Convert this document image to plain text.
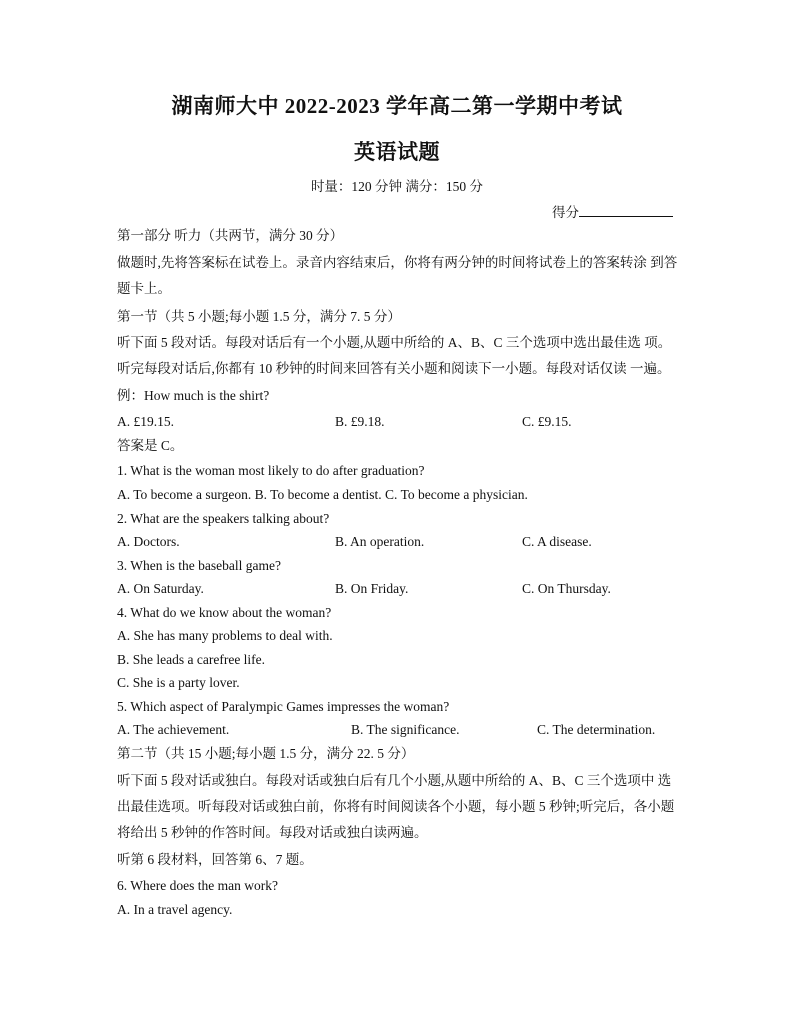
湖南师大中 2022-2023 学年高二第一学期中考试
英语试题
时量：120 分钟 满分：150 分
得分
第一部分 听力（共两节，满分 30 分）
做题时,先将答案标在试卷上。录音内容结束后，你将有两分钟的时间将试卷上的答案转涂 到答
题卡上。
第一节（共 5 小题;每小题 1.5 分，满分 7. 5 分）
听下面 5 段对话。每段对话后有一个小题,从题中所给的 A、B、C 三个选项中选出最佳选 项。
听完每段对话后,你都有 10 秒钟的时间来回答有关小题和阅读下一小题。每段对话仅读 一遍。
例：How much is the shirt?
A. £19.15.	B. £9.18.	C. £9.15.
答案是 C。
1. What is the woman most likely to do after graduation?
A. To become a surgeon. B. To become a dentist. C. To become a physician.
2. What are the speakers talking about?
A. Doctors.	B. An operation.	C. A disease.
3. When is the baseball game?
A. On Saturday.	B. On Friday.	C. On Thursday.
4. What do we know about the woman?
A. She has many problems to deal with.
B. She leads a carefree life.
C. She is a party lover.
5. Which aspect of Paralympic Games impresses the woman?
A. The achievement.	B. The significance.	C. The determination.
第二节（共 15 小题;每小题 1.5 分，满分 22. 5 分）
听下面 5 段对话或独白。每段对话或独白后有几个小题,从题中所给的 A、B、C 三个选项中 选
出最佳选项。听每段对话或独白前，你将有时间阅读各个小题，每小题 5 秒钟;听完后，各小题
将给出 5 秒钟的作答时间。每段对话或独白读两遍。
听第 6 段材料，回答第 6、7 题。
6. Where does the man work?
A. In a travel agency.
